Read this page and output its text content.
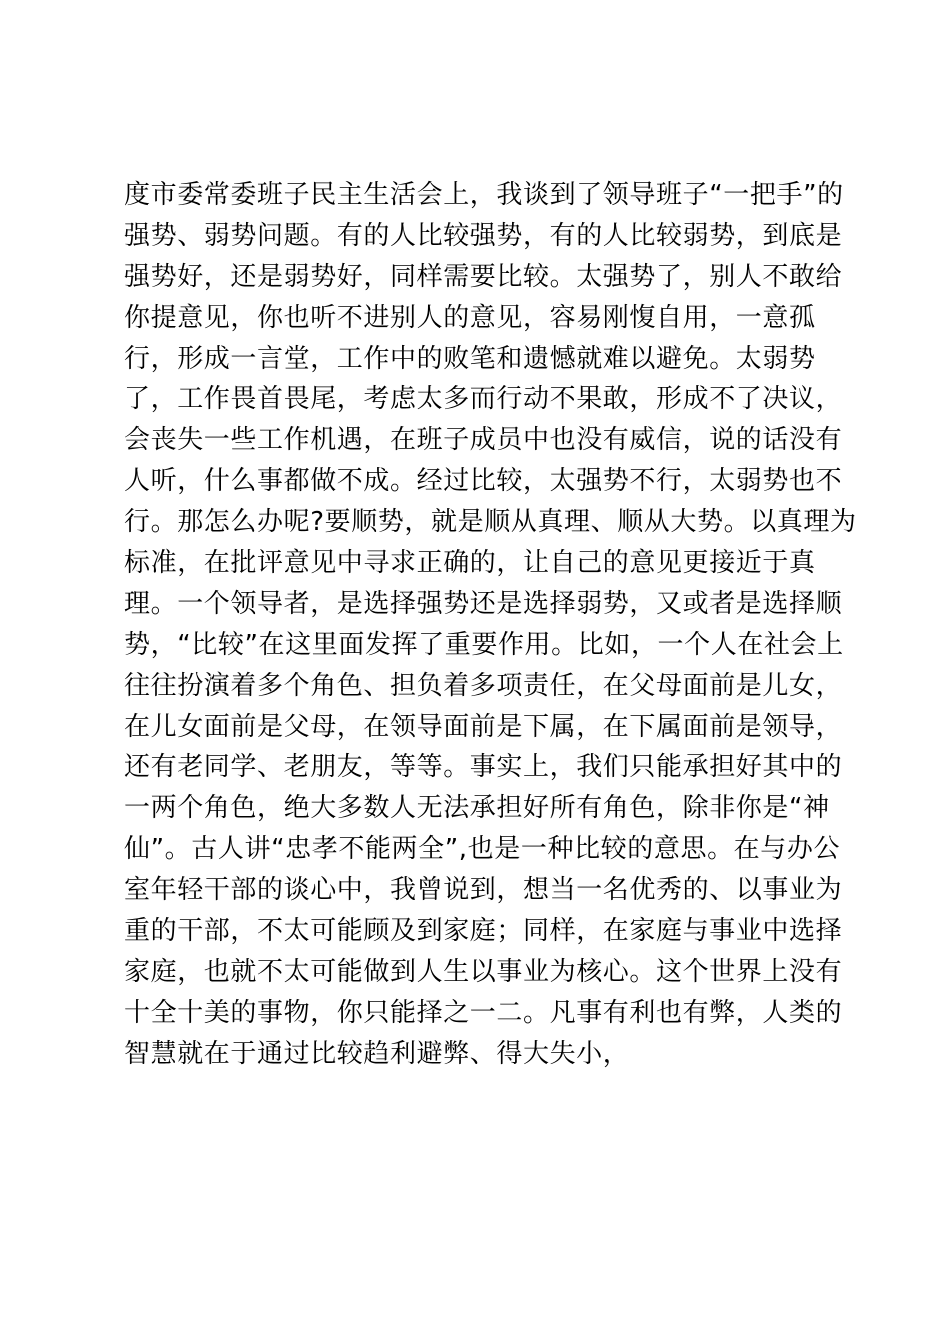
度市委常委班子民主生活会上，我谈到了领导班子“一把手”的
强势、弱势问题。有的人比较强势，有的人比较弱势，到底是
强势好，还是弱势好，同样需要比较。太强势了，别人不敢给
你提意见，你也听不进别人的意见，容易刚愎自用，一意孤
行，形成一言堂，工作中的败笔和遗憾就难以避免。太弱势
了，工作畏首畏尾，考虑太多而行动不果敢，形成不了决议，
会丧失一些工作机遇，在班子成员中也没有威信，说的话没有
人听，什么事都做不成。经过比较，太强势不行，太弱势也不
行。那怎么办呢?要顺势，就是顺从真理、顺从大势。以真理为
标准，在批评意见中寻求正确的，让自己的意见更接近于真
理。一个领导者，是选择强势还是选择弱势，又或者是选择顺
势，“比较”在这里面发挥了重要作用。比如，一个人在社会上
往往扮演着多个角色、担负着多项责任，在父母面前是儿女，
在儿女面前是父母，在领导面前是下属，在下属面前是领导，
还有老同学、老朋友，等等。事实上，我们只能承担好其中的
一两个角色，绝大多数人无法承担好所有角色，除非你是“神
仙”。古人讲“忠孝不能两全”,也是一种比较的意思。在与办公
室年轻干部的谈心中，我曾说到，想当一名优秀的、以事业为
重的干部，不太可能顾及到家庭；同样，在家庭与事业中选择
家庭，也就不太可能做到人生以事业为核心。这个世界上没有
十全十美的事物，你只能择之一二。凡事有利也有弊，人类的
智慧就在于通过比较趋利避弊、得大失小，
